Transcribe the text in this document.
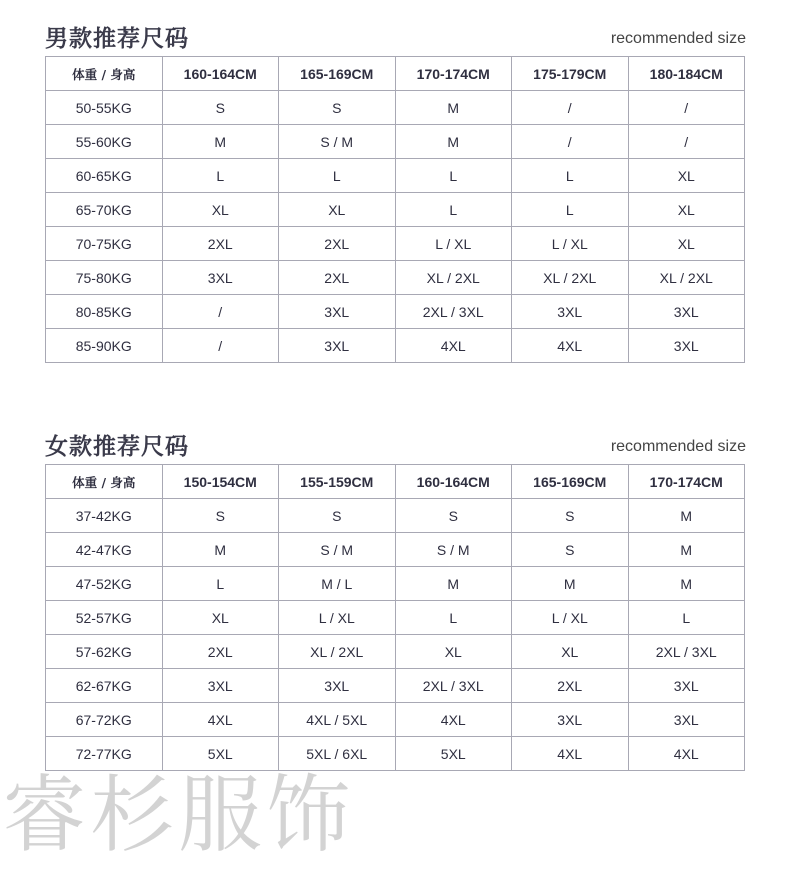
男款推荐尺码	recommended size
体重 / 身高	160-164CM	165-169CM	170-174CM	175-179CM	180-184CM
50-55KG	S	S	M	/	/
55-60KG	M	S / M	M	/	/
60-65KG	L	L	L	L	XL
65-70KG	XL	XL	L	L	XL
70-75KG	2XL	2XL	L / XL	L / XL	XL
75-80KG	3XL	2XL	XL / 2XL	XL / 2XL	XL / 2XL
80-85KG	/	3XL	2XL / 3XL	3XL	3XL
85-90KG	/	3XL	4XL	4XL	3XL
女款推荐尺码	recommended size
体重 / 身高	150-154CM	155-159CM	160-164CM	165-169CM	170-174CM
37-42KG	S	S	S	S	M
42-47KG	M	S / M	S / M	S	M
47-52KG	L	M / L	M	M	M
52-57KG	XL	L / XL	L	L / XL	L
57-62KG	2XL	XL / 2XL	XL	XL	2XL / 3XL
62-67KG	3XL	3XL	2XL / 3XL	2XL	3XL
67-72KG	4XL	4XL / 5XL	4XL	3XL	3XL
72-77KG	5XL	5XL / 6XL	5XL	4XL	4XL
睿杉服饰
